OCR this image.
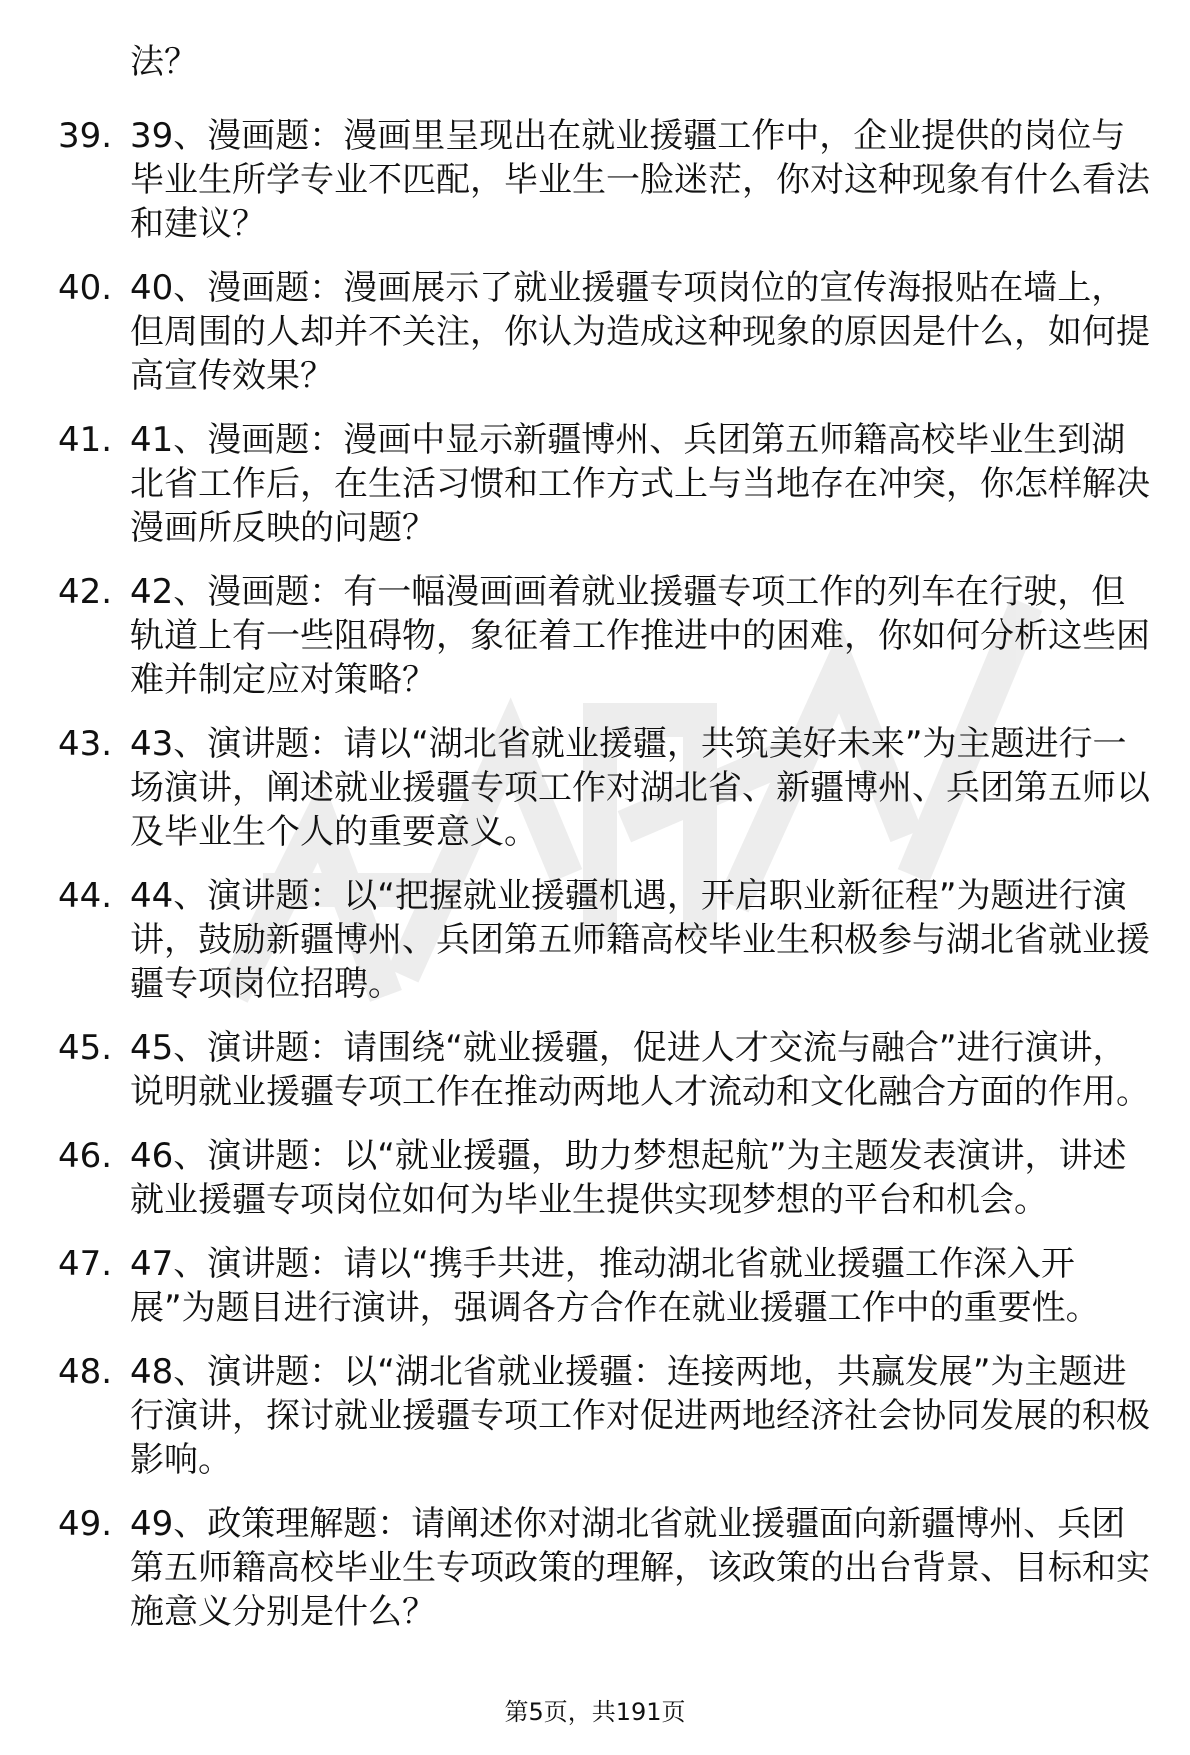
法？
39. 39、漫画题：漫画里呈现出在就业援疆工作中，企业提供的岗位与毕业生所学专业不匹配，毕业生一脸迷茫，你对这种现象有什么看法和建议？
40. 40、漫画题：漫画展示了就业援疆专项岗位的宣传海报贴在墙上，但周围的人却并不关注，你认为造成这种现象的原因是什么，如何提高宣传效果？
41. 41、漫画题：漫画中显示新疆博州、兵团第五师籍高校毕业生到湖北省工作后，在生活习惯和工作方式上与当地存在冲突，你怎样解决漫画所反映的问题？
42. 42、漫画题：有一幅漫画画着就业援疆专项工作的列车在行驶，但轨道上有一些阻碍物，象征着工作推进中的困难，你如何分析这些困难并制定应对策略？
43. 43、演讲题：请以“湖北省就业援疆，共筑美好未来”为主题进行一场演讲，阐述就业援疆专项工作对湖北省、新疆博州、兵团第五师以及毕业生个人的重要意义。
44. 44、演讲题：以“把握就业援疆机遇，开启职业新征程”为题进行演讲，鼓励新疆博州、兵团第五师籍高校毕业生积极参与湖北省就业援疆专项岗位招聘。
45. 45、演讲题：请围绕“就业援疆，促进人才交流与融合”进行演讲，说明就业援疆专项工作在推动两地人才流动和文化融合方面的作用。
46. 46、演讲题：以“就业援疆，助力梦想起航”为主题发表演讲，讲述就业援疆专项岗位如何为毕业生提供实现梦想的平台和机会。
47. 47、演讲题：请以“携手共进，推动湖北省就业援疆工作深入开展”为题目进行演讲，强调各方合作在就业援疆工作中的重要性。
48. 48、演讲题：以“湖北省就业援疆：连接两地，共赢发展”为主题进行演讲，探讨就业援疆专项工作对促进两地经济社会协同发展的积极影响。
49. 49、政策理解题：请阐述你对湖北省就业援疆面向新疆博州、兵团第五师籍高校毕业生专项政策的理解，该政策的出台背景、目标和实施意义分别是什么？
第5页，共191页
